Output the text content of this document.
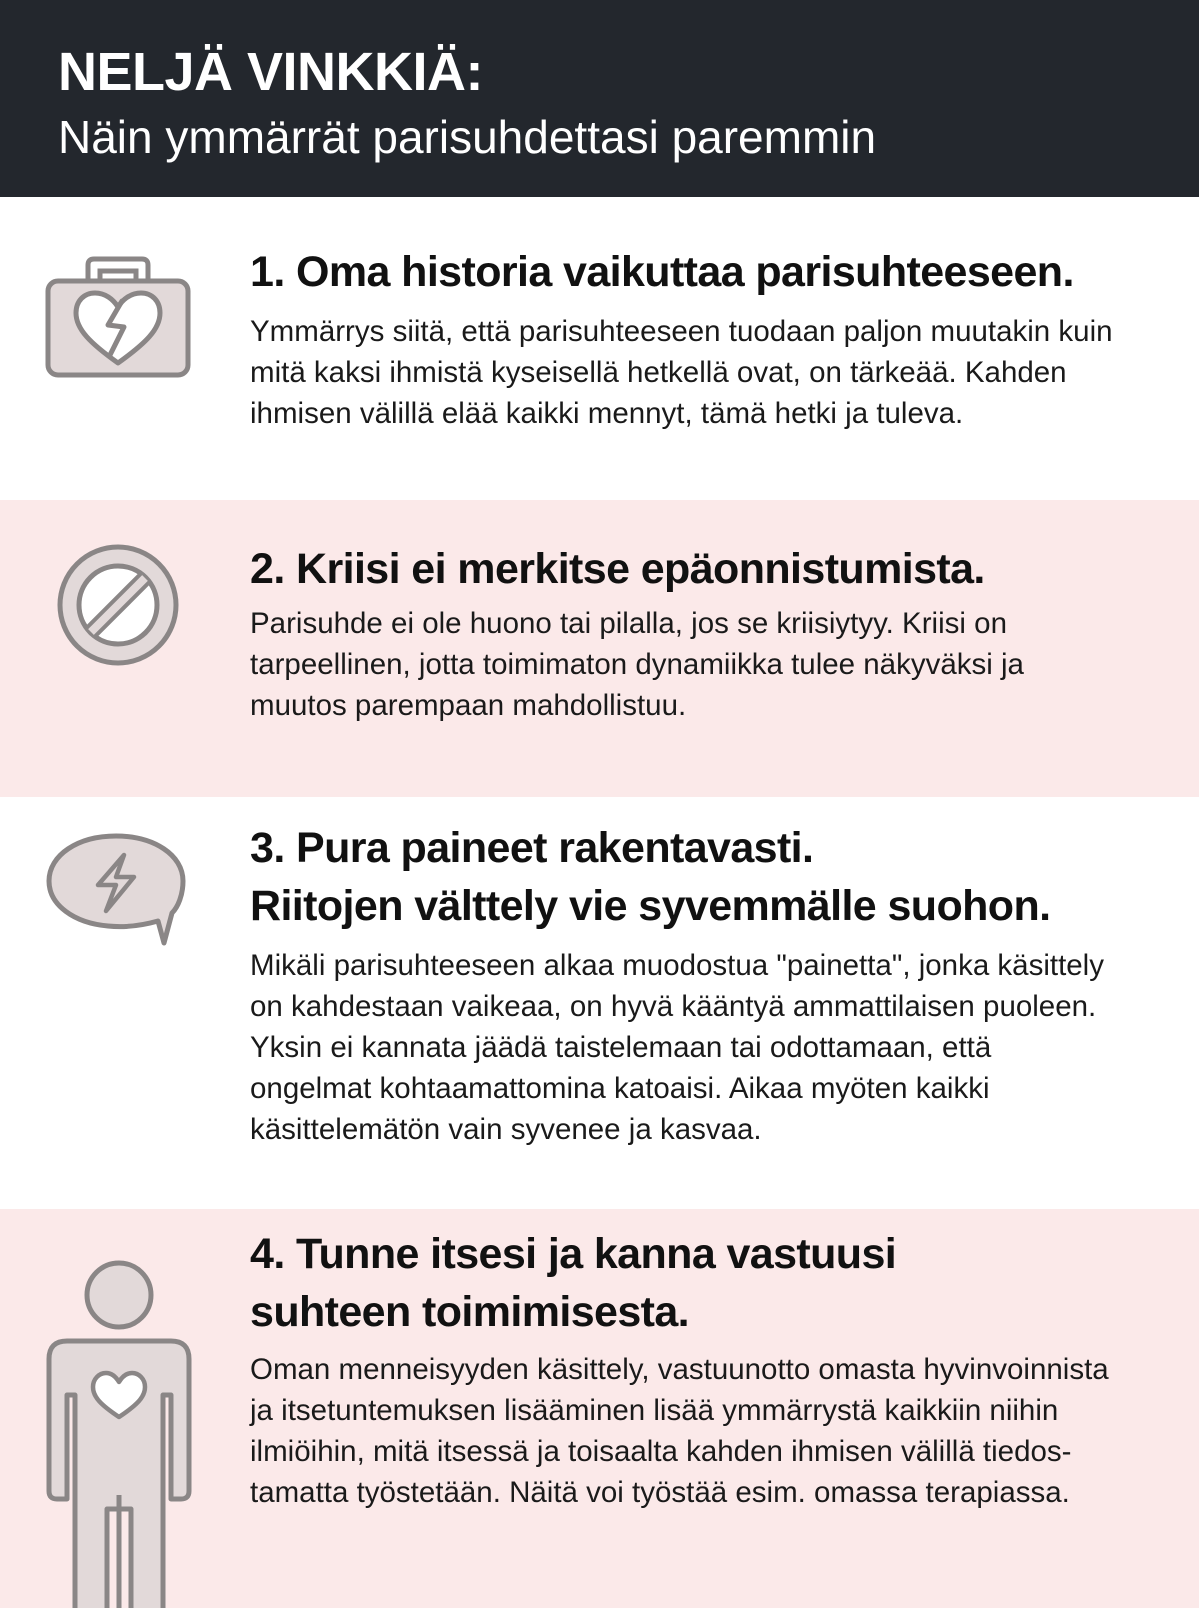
NELJÄ VINKKIÄ:
Näin ymmärrät parisuhdettasi paremmin
1. Oma historia vaikuttaa parisuhteeseen.
Ymmärrys siitä, että parisuhteeseen tuodaan paljon muutakin kuin
mitä kaksi ihmistä kyseisellä hetkellä ovat, on tärkeää. Kahden
ihmisen välillä elää kaikki mennyt, tämä hetki ja tuleva.
2. Kriisi ei merkitse epäonnistumista.
Parisuhde ei ole huono tai pilalla, jos se kriisiytyy. Kriisi on
tarpeellinen, jotta toimimaton dynamiikka tulee näkyväksi ja
muutos parempaan mahdollistuu.
3. Pura paineet rakentavasti.
Riitojen välttely vie syvemmälle suohon.
Mikäli parisuhteeseen alkaa muodostua "painetta", jonka käsittely
on kahdestaan vaikeaa, on hyvä kääntyä ammattilaisen puoleen.
Yksin ei kannata jäädä taistelemaan tai odottamaan, että
ongelmat kohtaamattomina katoaisi. Aikaa myöten kaikki
käsittelemätön vain syvenee ja kasvaa.
4. Tunne itsesi ja kanna vastuusi
suhteen toimimisesta.
Oman menneisyyden käsittely, vastuunotto omasta hyvinvoinnista
ja itsetuntemuksen lisääminen lisää ymmärrystä kaikkiin niihin
ilmiöihin, mitä itsessä ja toisaalta kahden ihmisen välillä tiedos-
tamatta työstetään. Näitä voi työstää esim. omassa terapiassa.
